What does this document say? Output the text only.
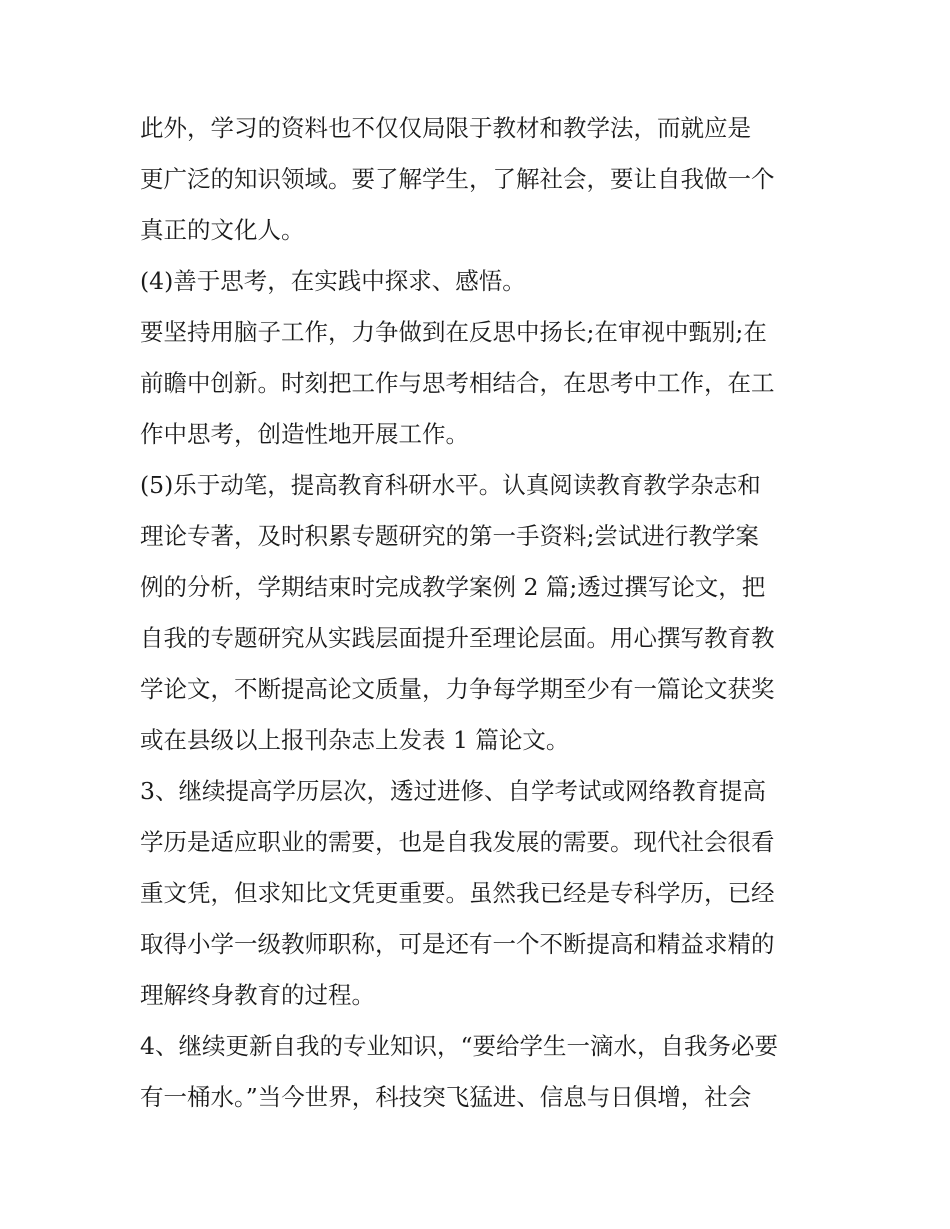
此外，学习的资料也不仅仅局限于教材和教学法，而就应是
更广泛的知识领域。要了解学生，了解社会，要让自我做一个
真正的文化人。
(4)善于思考，在实践中探求、感悟。
要坚持用脑子工作，力争做到在反思中扬长;在审视中甄别;在
前瞻中创新。时刻把工作与思考相结合，在思考中工作，在工
作中思考，创造性地开展工作。
(5)乐于动笔，提高教育科研水平。认真阅读教育教学杂志和
理论专著，及时积累专题研究的第一手资料;尝试进行教学案
例的分析，学期结束时完成教学案例 2 篇;透过撰写论文，把
自我的专题研究从实践层面提升至理论层面。用心撰写教育教
学论文，不断提高论文质量，力争每学期至少有一篇论文获奖
或在县级以上报刊杂志上发表 1 篇论文。
3、继续提高学历层次，透过进修、自学考试或网络教育提高
学历是适应职业的需要，也是自我发展的需要。现代社会很看
重文凭，但求知比文凭更重要。虽然我已经是专科学历，已经
取得小学一级教师职称，可是还有一个不断提高和精益求精的
理解终身教育的过程。
4、继续更新自我的专业知识，“要给学生一滴水，自我务必要
有一桶水。”当今世界，科技突飞猛进、信息与日俱增，社会
